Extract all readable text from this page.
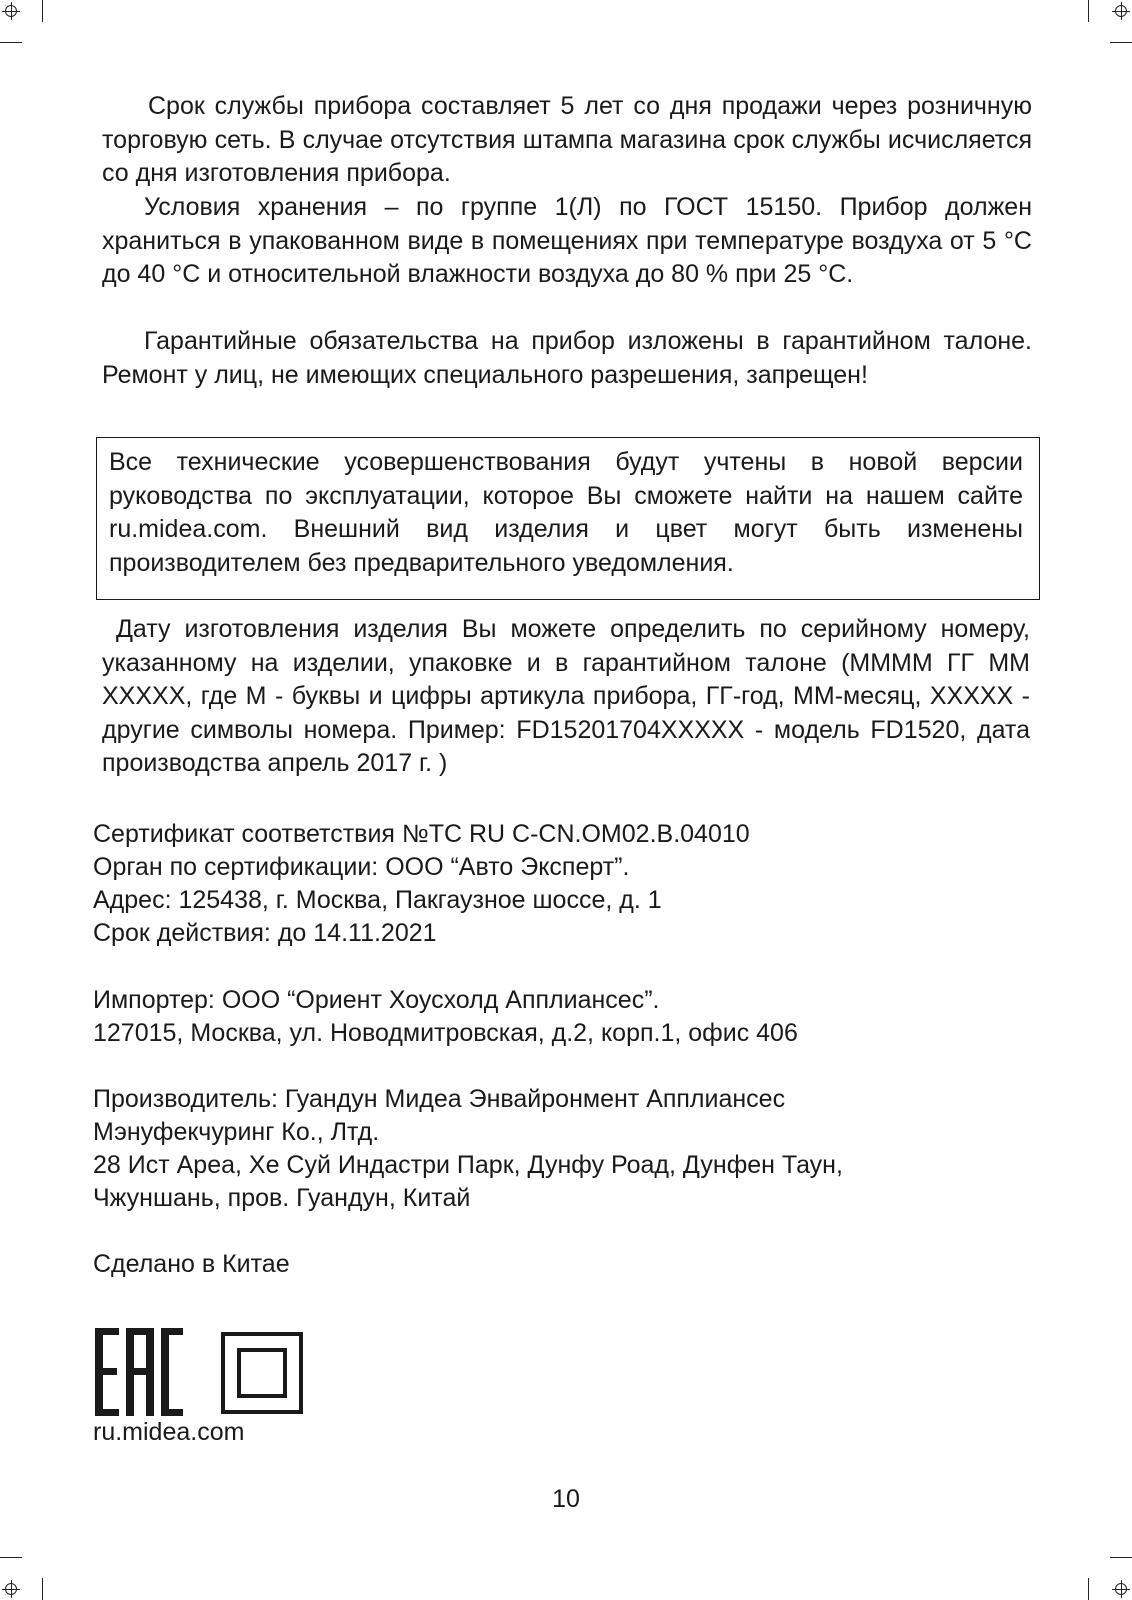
Срок службы прибора составляет 5 лет со дня продажи через розничную торговую сеть. В случае отсутствия штампа магазина срок службы исчисляется со дня изготовления прибора.

Условия хранения – по группе 1(Л) по ГОСТ 15150. Прибор должен храниться в упакованном виде в помещениях при температуре воздуха от 5 °С до 40 °С и относительной влажности воздуха до 80 % при 25 °С.

Гарантийные обязательства на прибор изложены в гарантийном талоне. Ремонт у лиц, не имеющих специального разрешения, запрещен!

Все технические усовершенствования будут учтены в новой версии руководства по эксплуатации, которое Вы сможете найти на нашем сайте ru.midea.com. Внешний вид изделия и цвет могут быть изменены производителем без предварительного уведомления.

Дату изготовления изделия Вы можете определить по серийному номеру, указанному на изделии, упаковке и в гарантийном талоне (ММММ ГГ ММ ХХХХХ, где М - буквы и цифры артикула прибора, ГГ-год, ММ-месяц, ХХХХХ - другие символы номера. Пример: FD15201704XXXXX - модель FD1520, дата производства апрель 2017 г. )

Сертификат соответствия №ТС RU C-CN.ОМ02.В.04010

Орган по сертификации: ООО “Авто Эксперт”.

Адрес: 125438, г. Москва, Пакгаузное шоссе, д. 1

Срок действия: до 14.11.2021

Импортер: ООО “Ориент Хоусхолд Апплиансес”.

127015, Москва, ул. Новодмитровская, д.2, корп.1, офис 406

Производитель: Гуандун Мидеа Энвайронмент Апплиансес

Мэнуфекчуринг Ко., Лтд.

28 Ист Ареа, Хе Суй Индастри Парк, Дунфу Роад, Дунфен Таун,

Чжуншань, пров. Гуандун, Китай

Сделано в Китае

ru.midea.com

10
